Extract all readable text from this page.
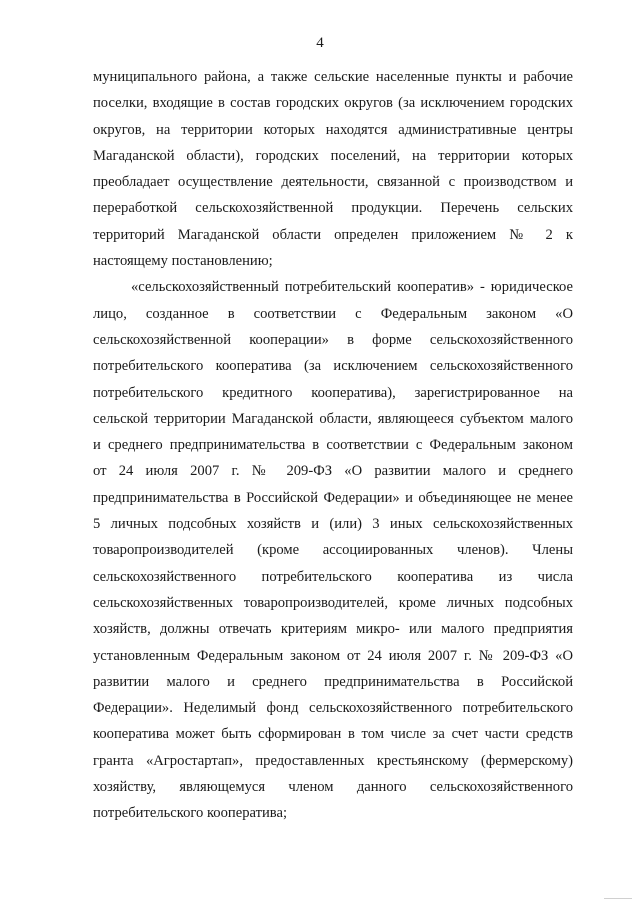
4
муниципального района, а также сельские населенные пункты и рабочие
поселки, входящие в состав городских округов (за исключением городских
округов, на территории которых находятся административные центры
Магаданской области), городских поселений, на территории которых
преобладает осуществление деятельности, связанной с производством и
переработкой сельскохозяйственной продукции. Перечень сельских
территорий Магаданской области определен приложением № 2 к
настоящему постановлению;
«сельскохозяйственный потребительский кооператив» - юридическое
лицо, созданное в соответствии с Федеральным законом «О
сельскохозяйственной кооперации» в форме сельскохозяйственного
потребительского кооператива (за исключением сельскохозяйственного
потребительского кредитного кооператива), зарегистрированное на
сельской территории Магаданской области, являющееся субъектом малого
и среднего предпринимательства в соответствии с Федеральным законом
от 24 июля 2007 г. № 209-ФЗ «О развитии малого и среднего
предпринимательства в Российской Федерации» и объединяющее не менее
5 личных подсобных хозяйств и (или) 3 иных сельскохозяйственных
товаропроизводителей (кроме ассоциированных членов). Члены
сельскохозяйственного потребительского кооператива из числа
сельскохозяйственных товаропроизводителей, кроме личных подсобных
хозяйств, должны отвечать критериям микро- или малого предприятия
установленным Федеральным законом от 24 июля 2007 г. № 209-ФЗ «О
развитии малого и среднего предпринимательства в Российской
Федерации». Неделимый фонд сельскохозяйственного потребительского
кооператива может быть сформирован в том числе за счет части средств
гранта «Агростартап», предоставленных крестьянскому (фермерскому)
хозяйству, являющемуся членом данного сельскохозяйственного
потребительского кооператива;
